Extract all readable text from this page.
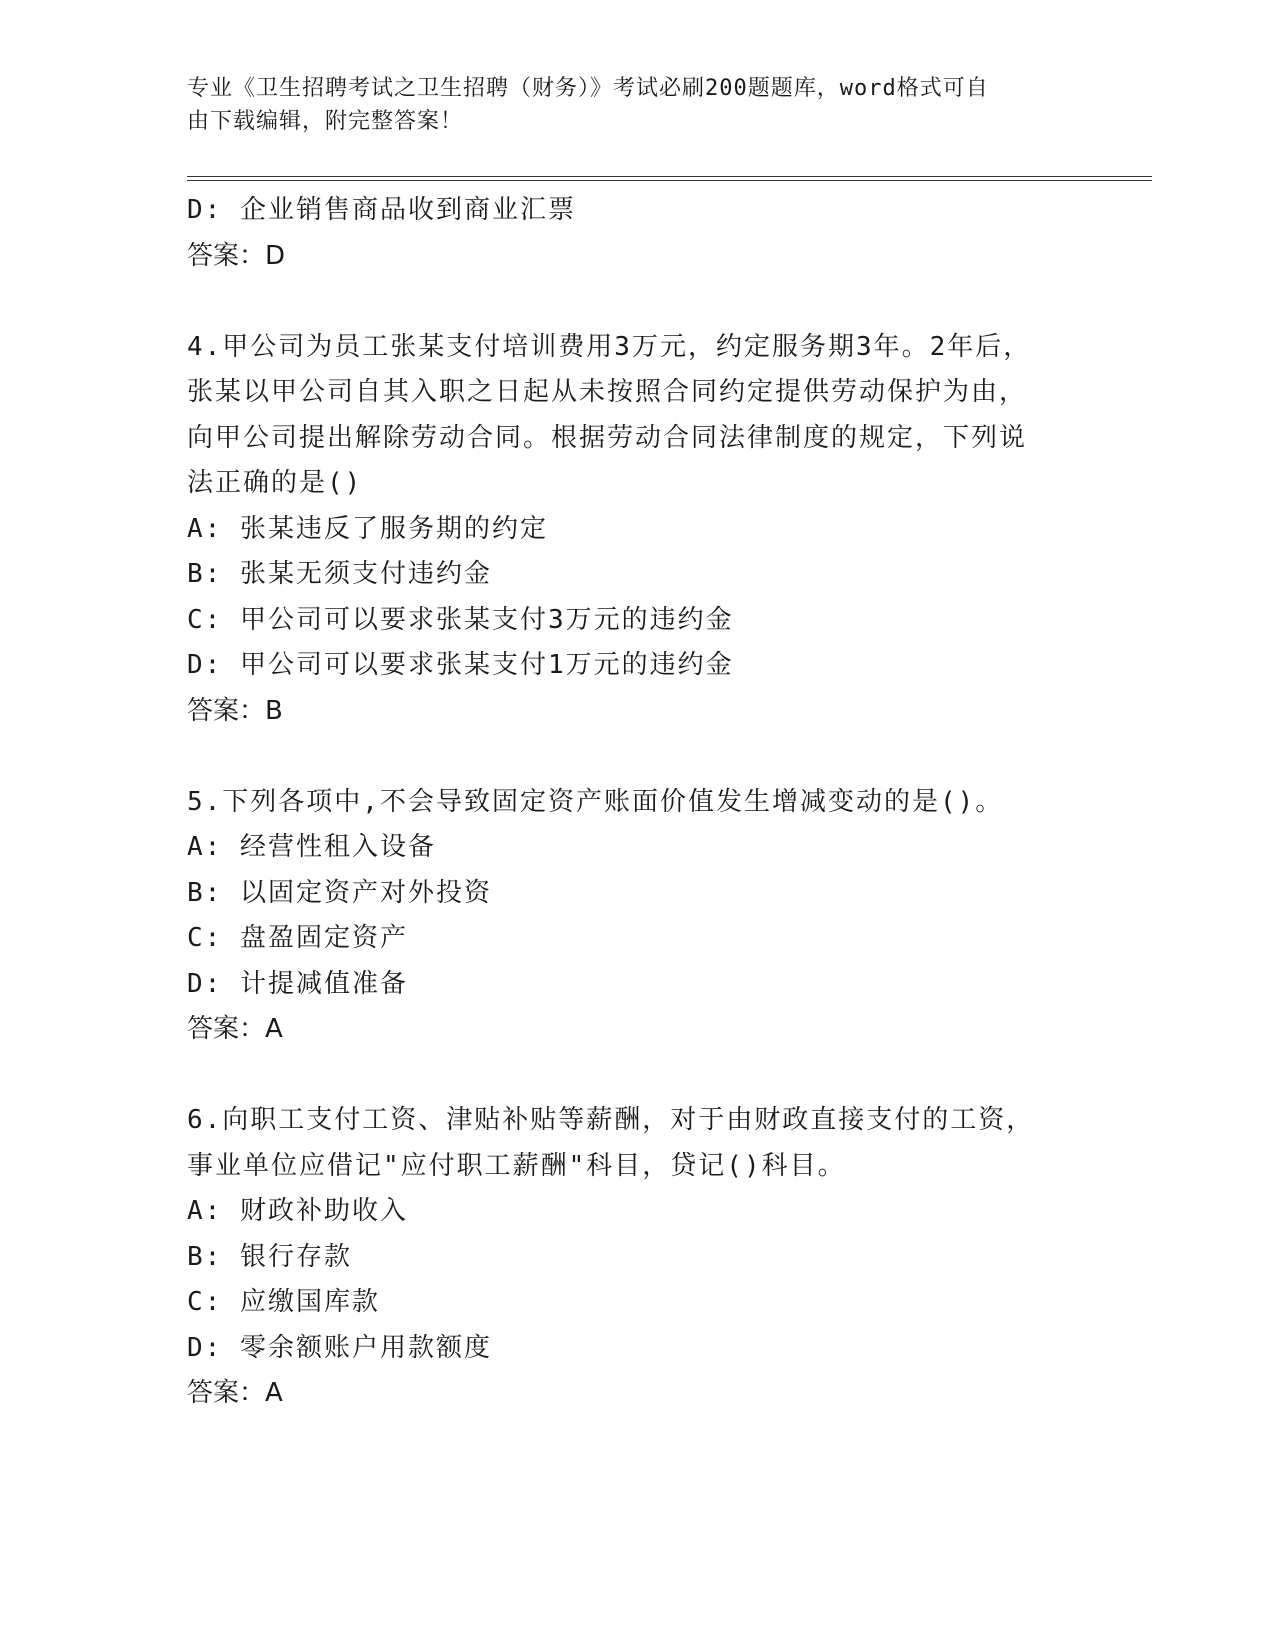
专业《卫生招聘考试之卫生招聘（财务）》考试必刷200题题库，word格式可自
由下载编辑，附完整答案！
D: 企业销售商品收到商业汇票
答案：D
4.甲公司为员工张某支付培训费用3万元，约定服务期3年。2年后，
张某以甲公司自其入职之日起从未按照合同约定提供劳动保护为由，
向甲公司提出解除劳动合同。根据劳动合同法律制度的规定，下列说
法正确的是()
A: 张某违反了服务期的约定
B: 张某无须支付违约金
C: 甲公司可以要求张某支付3万元的违约金
D: 甲公司可以要求张某支付1万元的违约金
答案：B
5.下列各项中,不会导致固定资产账面价值发生增减变动的是()。
A: 经营性租入设备
B: 以固定资产对外投资
C: 盘盈固定资产
D: 计提减值准备
答案：A
6.向职工支付工资、津贴补贴等薪酬，对于由财政直接支付的工资，
事业单位应借记"应付职工薪酬"科目，贷记()科目。
A: 财政补助收入
B: 银行存款
C: 应缴国库款
D: 零余额账户用款额度
答案：A
